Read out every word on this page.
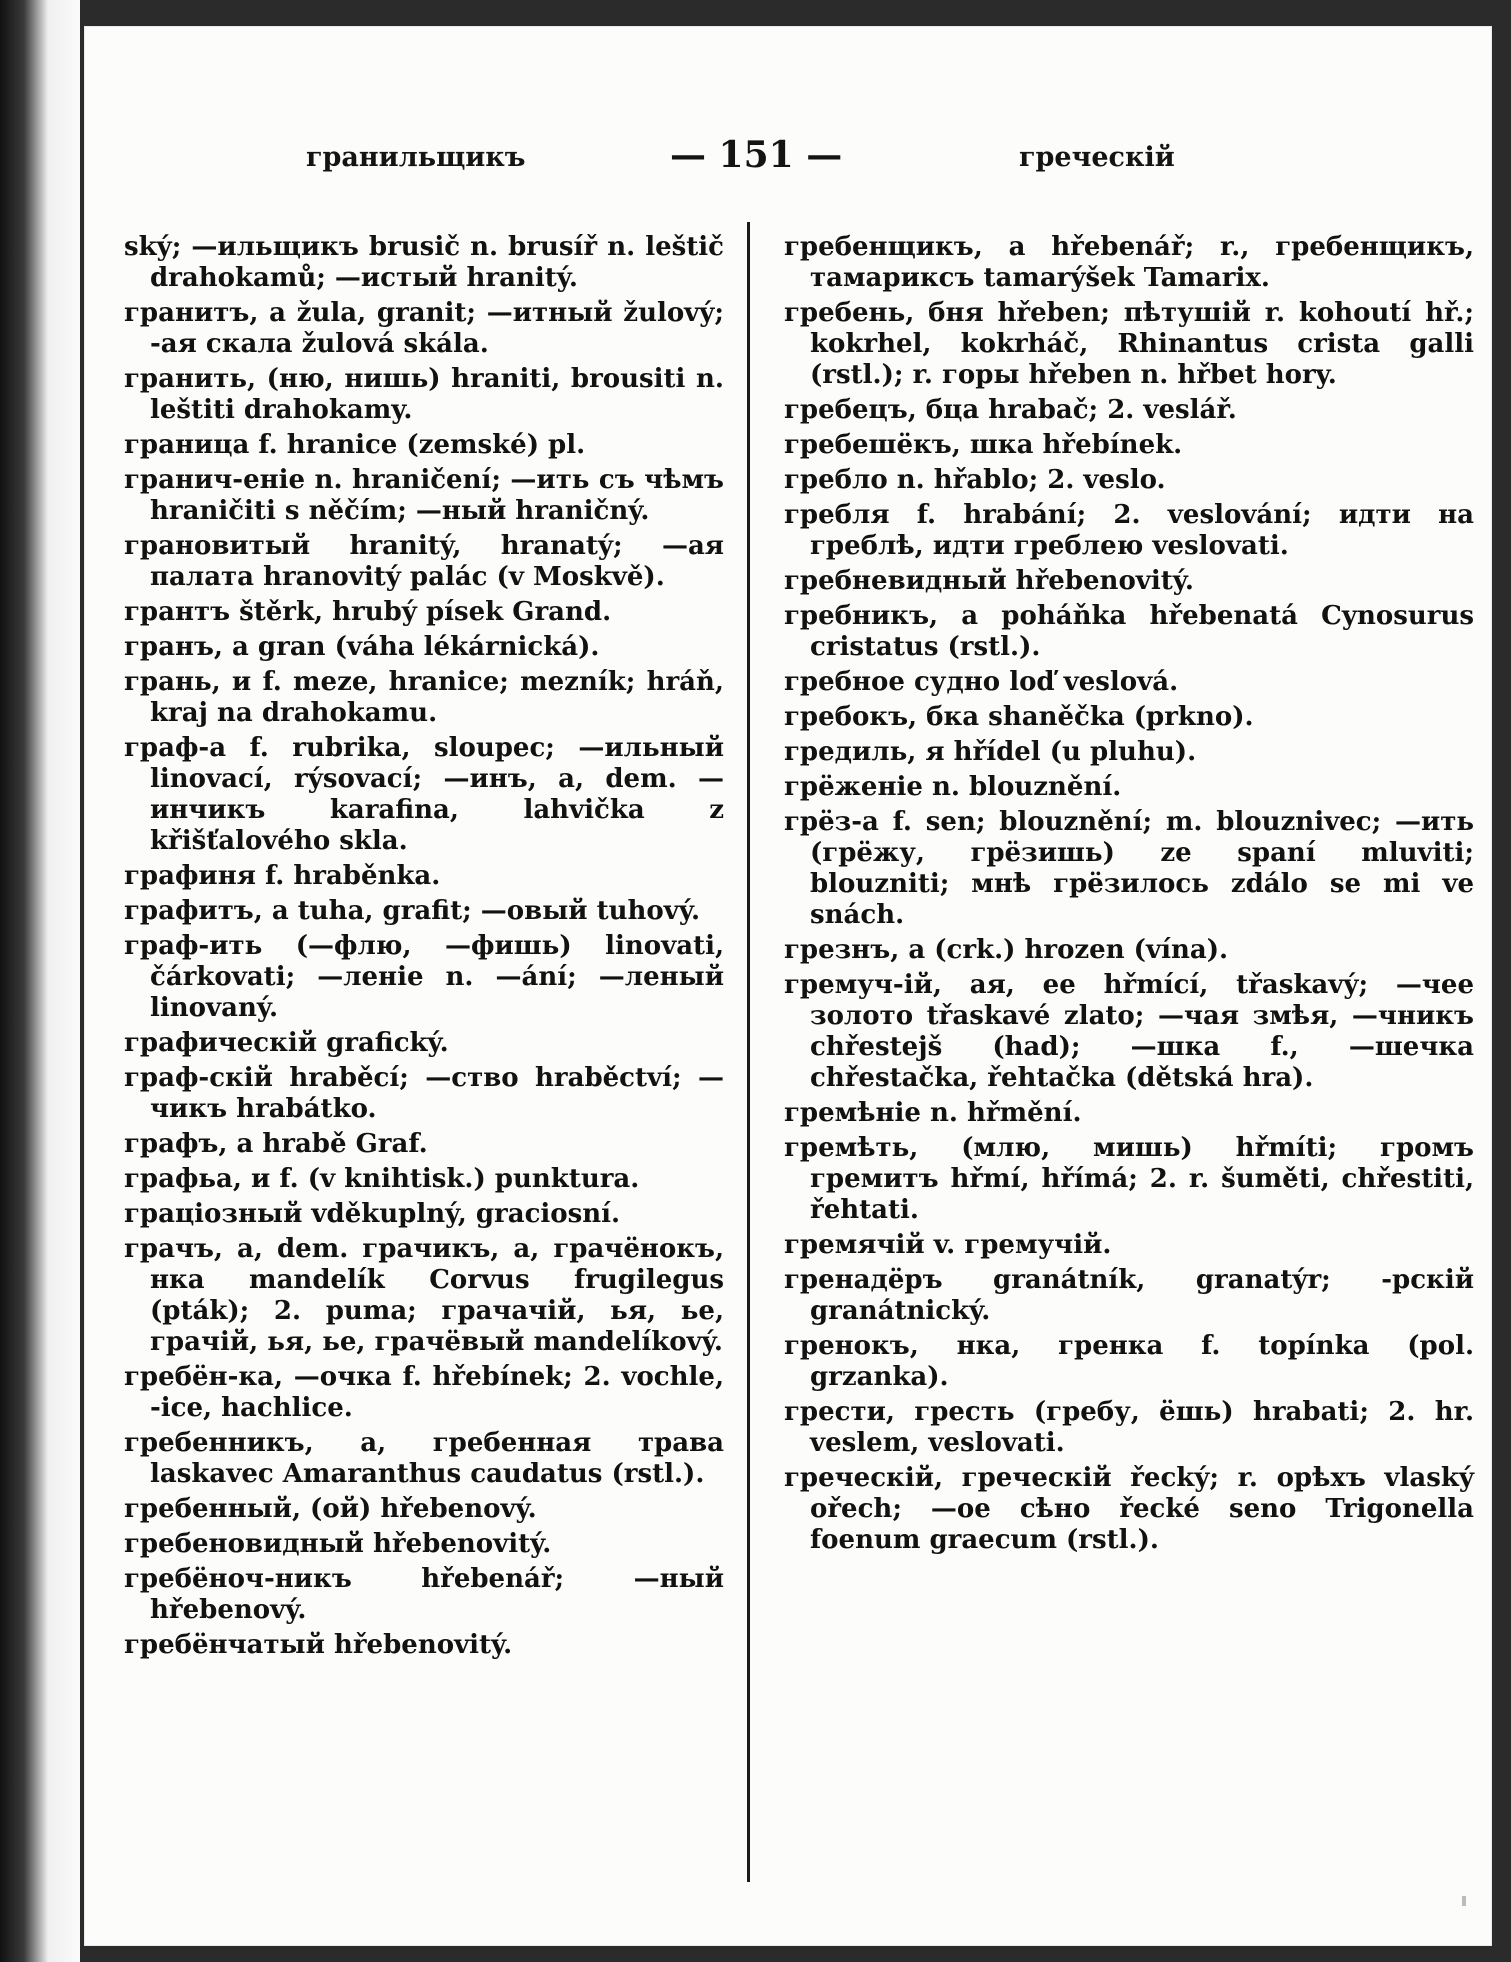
гранильщикъ	— 151 —	греческій

ský; —ильщикъ brusič n. brusíř n. leštič drahokamů; —истый hranitý.

гранитъ, a žula, granit; —итный žulový; -ая скала žulová skála.

гранить, (ню, нишь) hraniti, brousiti n. leštiti drahokamy.

граница f. hranice (zemské) pl.

гранич-еніе n. hraničení; —ить съ чѣмъ hraničiti s něčím; —ный hraničný.

грановитый hranitý, hranatý; —ая палата hranovitý palác (v Moskvě).

грантъ štěrk, hrubý písek Grand.

гранъ, a gran (váha lékárnická).

грань, и f. meze, hranice; mezník; hráň, kraj na drahokamu.

граф-а f. rubrika, sloupec; —ильный linovací, rýsovací; —инъ, a, dem. —инчикъ karafina, lahvička z křišťalového skla.

графиня f. hraběnka.

графитъ, a tuha, grafit; —овый tuhový.

граф-ить (—флю, —фишь) linovati, čárkovati; —леніе n. —ání; —леный linovaný.

графическій grafický.

граф-скій hraběcí; —ство hraběctví; —чикъ hrabátko.

графъ, a hrabě Graf.

графьа, и f. (v knihtisk.) punktura.

граціозный vděkuplný, graciosní.

грачъ, a, dem. грачикъ, a, грачёнокъ, нка mandelík Corvus frugilegus (pták); 2. puma; грачачій, ья, ье, грачій, ья, ье, грачёвый mandelíkový.

гребён-ка, —очка f. hřebínek; 2. vochle, -ice, hachlice.

гребенникъ, a, гребенная трава laskavec Amaranthus caudatus (rstl.).

гребенный, (ой) hřebenový.

гребеновидный hřebenovitý.

гребёноч-никъ hřebenář; —ный hřebenový.

гребёнчатый hřebenovitý.

гребенщикъ, a hřebenář; r., гребенщикъ, тамариксъ tamarýšek Tamarix.

гребень, бня hřeben; пѣтушій r. kohoutí hř.; kokrhel, kokrháč, Rhinantus crista galli (rstl.); r. горы hřeben n. hřbet hory.

гребецъ, бца hrabač; 2. veslář.

гребешёкъ, шка hřebínek.

гребло n. hřablo; 2. veslo.

гребля f. hrabání; 2. veslování; идти на греблѣ, идти греблею veslovati.

гребневидный hřebenovitý.

гребникъ, a poháňka hřebenatá Cynosurus cristatus (rstl.).

гребное судно loď veslová.

гребокъ, бка shaněčka (prkno).

гредиль, я hřídel (u pluhu).

грёженіе n. blouznění.

грёз-а f. sen; blouznění; m. blouznivec; —ить (грёжу, грёзишь) ze spaní mluviti; blouzniti; мнѣ грёзилось zdálo se mi ve snách.

грезнъ, a (crk.) hrozen (vína).

гремуч-ій, ая, ее hřmící, třaskavý; —чее золото třaskavé zlato; —чая змѣя, —чникъ chřestejš (had); —шка f., —шечка chřestačka, řehtačka (dětská hra).

гремѣніе n. hřmění.

гремѣть, (млю, мишь) hřmíti; громъ гремитъ hřmí, hřímá; 2. r. šuměti, chřestiti, řehtati.

гремячій v. гремучій.

гренадёръ granátník, granatýr; -рскій granátnický.

гренокъ, нка, гренка f. topínka (pol. grzanka).

грести, гресть (гребу, ёшь) hrabati; 2. hr. veslem, veslovati.

греческій, греческій řecký; r. орѣхъ vlaský ořech; —ое сѣно řecké seno Trigonella foenum graecum (rstl.).
